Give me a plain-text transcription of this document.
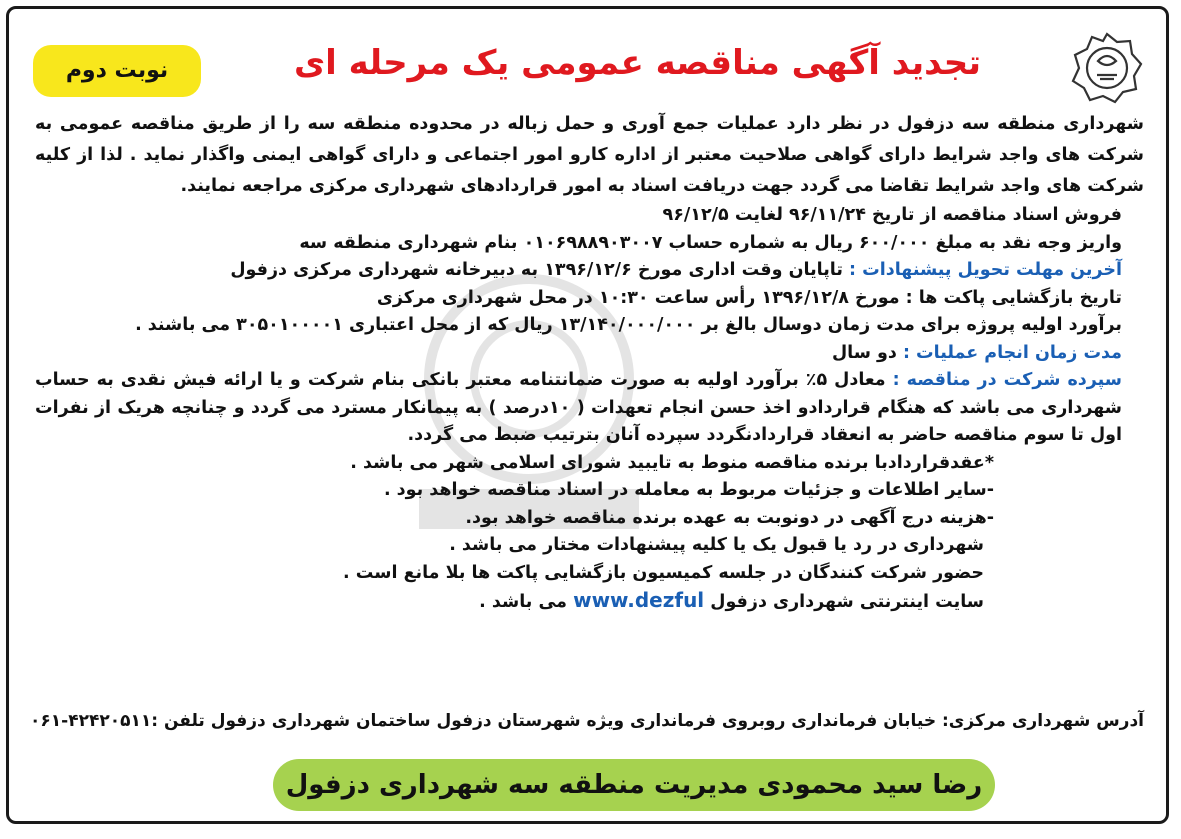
تجدید آگهی مناقصه عمومی یک مرحله ای
نوبت دوم

شهرداری منطقه سه دزفول در نظر دارد عملیات جمع آوری و حمل زباله در محدوده منطقه سه را از طریق مناقصه عمومی به شرکت های واجد شرایط دارای گواهی صلاحیت معتبر از اداره کارو امور اجتماعی و دارای گواهی ایمنی واگذار نماید . لذا از کلیه شرکت های واجد شرایط تقاضا می گردد جهت دریافت اسناد به امور قراردادهای شهرداری مرکزی مراجعه نمایند.

فروش اسناد مناقصه از تاریخ ۹۶/۱۱/۲۴ لغایت ۹۶/۱۲/۵

واریز وجه نقد به مبلغ ۶۰۰/۰۰۰ ریال به شماره حساب ۰۱۰۶۹۸۸۹۰۳۰۰۷ بنام شهرداری منطقه سه

آخرین مهلت تحویل پیشنهادات : تاپایان وقت اداری مورخ ۱۳۹۶/۱۲/۶ به دبیرخانه شهرداری مرکزی دزفول

تاریخ بازگشایی پاکت ها : مورخ ۱۳۹۶/۱۲/۸ رأس ساعت ۱۰:۳۰ در محل شهرداری مرکزی

برآورد اولیه پروژه برای مدت زمان دوسال بالغ بر ۱۳/۱۴۰/۰۰۰/۰۰۰ ریال که از محل اعتباری ۳۰۵۰۱۰۰۰۰۱ می باشند .

مدت زمان انجام عملیات : دو سال

سپرده شرکت در مناقصه : معادل ۵٪ برآورد اولیه به صورت ضمانتنامه معتبر بانکی بنام شرکت و یا ارائه فیش نقدی به حساب شهرداری می باشد که هنگام قراردادو اخذ حسن انجام تعهدات ( ۱۰درصد ) به پیمانکار مسترد می گردد و چنانچه هریک از نفرات اول تا سوم مناقصه حاضر به انعقاد قراردادنگردد سپرده آنان بترتیب ضبط می گردد.

*عقدقراردادبا برنده مناقصه منوط به تایبید شورای اسلامی شهر می باشد .

-سایر اطلاعات و جزئیات مربوط به معامله در اسناد مناقصه خواهد بود .

-هزینه درج آگهی در دونوبت به عهده برنده مناقصه خواهد بود.

شهرداری در رد یا قبول یک یا کلیه پیشنهادات مختار می باشد .

حضور شرکت کنندگان در جلسه کمیسیون بازگشایی پاکت ها بلا مانع است .

سایت اینترنتی شهرداری دزفول www.dezful می باشد .

آدرس شهرداری مرکزی: خیابان فرمانداری روبروی فرمانداری ویژه شهرستان دزفول ساختمان شهرداری دزفول تلفن :۴۲۴۲۰۵۱۱-۰۶۱
رضا سید محمودی مدیریت منطقه سه شهرداری دزفول
